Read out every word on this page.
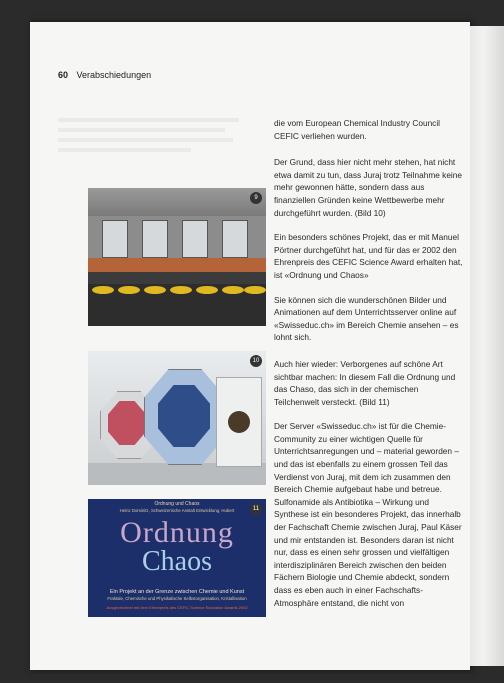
60 Verabschiedungen

die vom European Chemical Industry Council CEFIC verliehen wurden.

Der Grund, dass hier nicht mehr stehen, hat nicht etwa damit zu tun, dass Juraj trotz Teilnahme keine mehr gewonnen hätte, sondern dass aus finanziellen Gründen keine Wettbewerbe mehr durchgeführt wurden. (Bild 10)

Ein besonders schönes Projekt, das er mit Manuel Pörtner durchgeführt hat, und für das er 2002 den Ehrenpreis des CEFIC Science Award erhalten hat, ist «Ordnung und Chaos»

Sie können sich die wunderschönen Bilder und Animationen auf dem Unterrichtsserver online auf «Swisseduc.ch» im Bereich Chemie ansehen – es lohnt sich.

Auch hier wieder: Verborgenes auf schöne Art sichtbar machen: In diesem Fall die Ordnung und das Chaso, das sich in der chemischen Teilchenwelt versteckt. (Bild 11)

Der Server «Swisseduc.ch» ist für die Chemie-Community zu einer wichtigen Quelle für Unterrichtsanregungen und – material geworden – und das ist ebenfalls zu einem grossen Teil das Verdienst von Juraj, mit dem ich zusammen den Bereich Chemie aufgebaut habe und betreue.

Sulfonamide als Antibiotika – Wirkung und Synthese ist ein besonderes Projekt, das innerhalb der Fachschaft Chemie zwischen Juraj, Paul Käser und mir entstanden ist. Besonders daran ist nicht nur, dass es einen sehr grossen und vielfältigen interdisziplinären Bereich zwischen den beiden Fächern Biologie und Chemie abdeckt, sondern dass es eben auch in einer Fachschafts-Atmosphäre entstand, die nicht von

9
10
Ordnung und Chaos
Heinz Dominitz, Schweizerische Anstalt Entwicklung, Hubert
Ordnung
Chaos
Ein Projekt an der Grenze zwischen Chemie und Kunst
Fraktale, Chemische und Physikalische Selbstorganisation, Kristallisation
Ausgezeichnet mit dem Ehrenpreis des CEFIC Science Education Awards 2002
11
